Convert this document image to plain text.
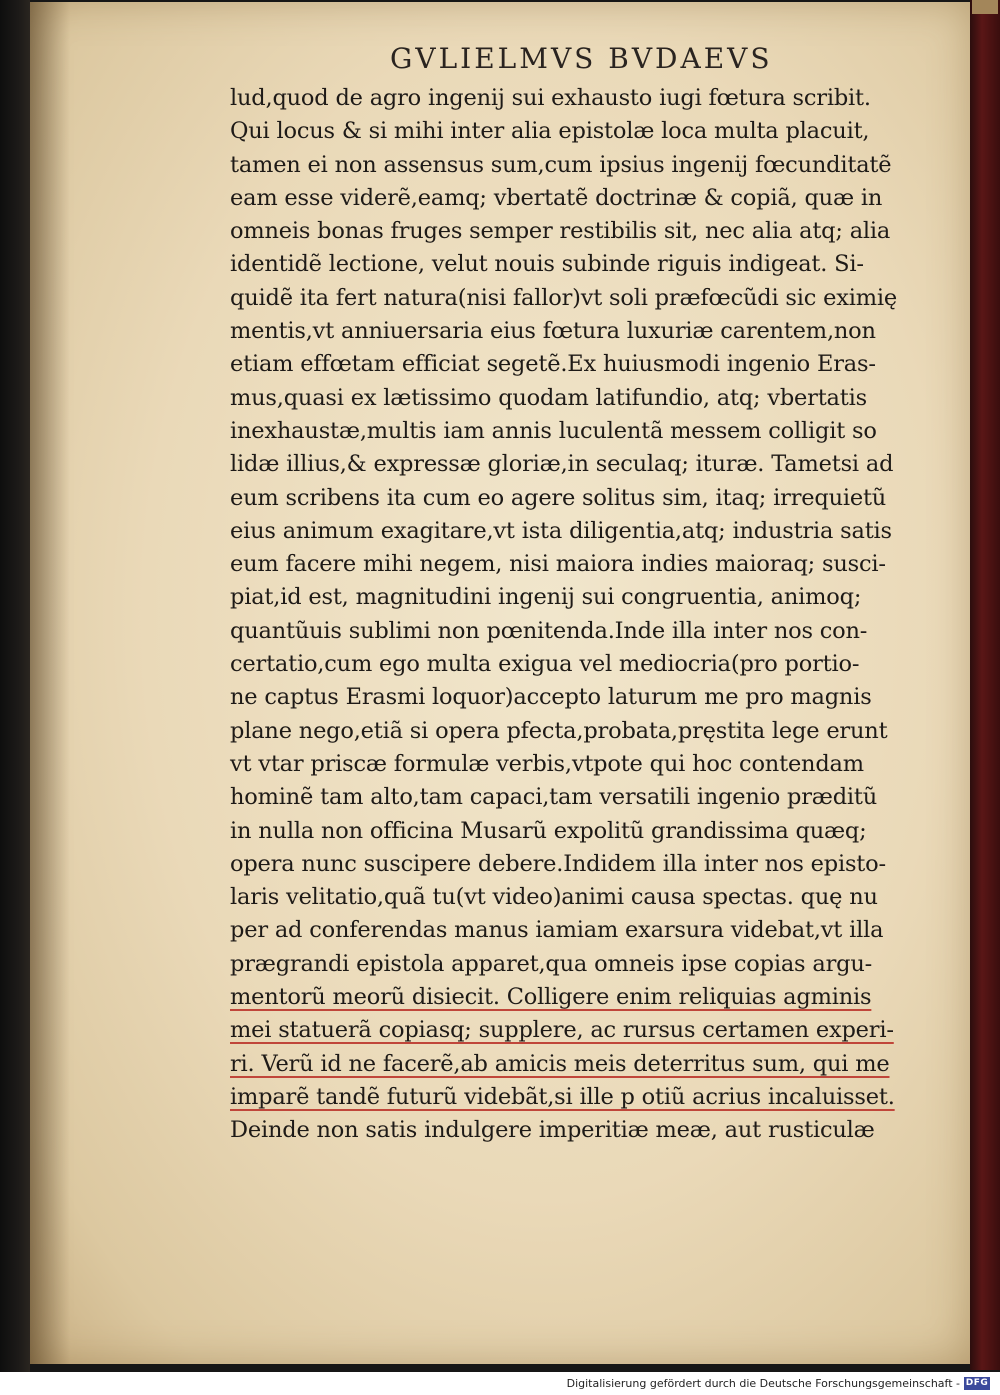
GVLIELMVS BVDAEVS
lud,quod de agro ingenij sui exhausto iugi fœtura scribit.
Qui locus & si mihi inter alia epistolæ loca multa placuit,
tamen ei non assensus sum,cum ipsius ingenij fœcunditatẽ
eam esse viderẽ,eamq; vbertatẽ doctrinæ & copiã, quæ in
omneis bonas fruges semper restibilis sit, nec alia atq; alia
identidẽ lectione, velut nouis subinde riguis indigeat. Si-
quidẽ ita fert natura(nisi fallor)vt soli præfœcũdi sic eximię
mentis,vt anniuersaria eius fœtura luxuriæ carentem,non
etiam effœtam efficiat segetẽ.Ex huiusmodi ingenio Eras-
mus,quasi ex lætissimo quodam latifundio, atq; vbertatis
inexhaustæ,multis iam annis luculentã messem colligit so
lidæ illius,& expressæ gloriæ,in seculaq; ituræ. Tametsi ad
eum scribens ita cum eo agere solitus sim, itaq; irrequietũ
eius animum exagitare,vt ista diligentia,atq; industria satis
eum facere mihi negem, nisi maiora indies maioraq; susci-
piat,id est, magnitudini ingenij sui congruentia, animoq;
quantũuis sublimi non pœnitenda.Inde illa inter nos con-
certatio,cum ego multa exigua vel mediocria(pro portio-
ne captus Erasmi loquor)accepto laturum me pro magnis
plane nego,etiã si opera pfecta,probata,pręstita lege erunt
vt vtar priscæ formulæ verbis,vtpote qui hoc contendam
hominẽ tam alto,tam capaci,tam versatili ingenio præditũ
in nulla non officina Musarũ expolitũ grandissima quæq;
opera nunc suscipere debere.Indidem illa inter nos episto-
laris velitatio,quã tu(vt video)animi causa spectas. quę nu
per ad conferendas manus iamiam exarsura videbat,vt illa
prægrandi epistola apparet,qua omneis ipse copias argu-
mentorũ meorũ disiecit. Colligere enim reliquias agminis
mei statuerã copiasq; supplere, ac rursus certamen experi-
ri. Verũ id ne facerẽ,ab amicis meis deterritus sum, qui me
imparẽ tandẽ futurũ videbãt,si ille p otiũ acrius incaluisset.
Deinde non satis indulgere imperitiæ meæ, aut rusticulæ
Digitalisierung gefördert durch die Deutsche Forschungsgemeinschaft - DFG
